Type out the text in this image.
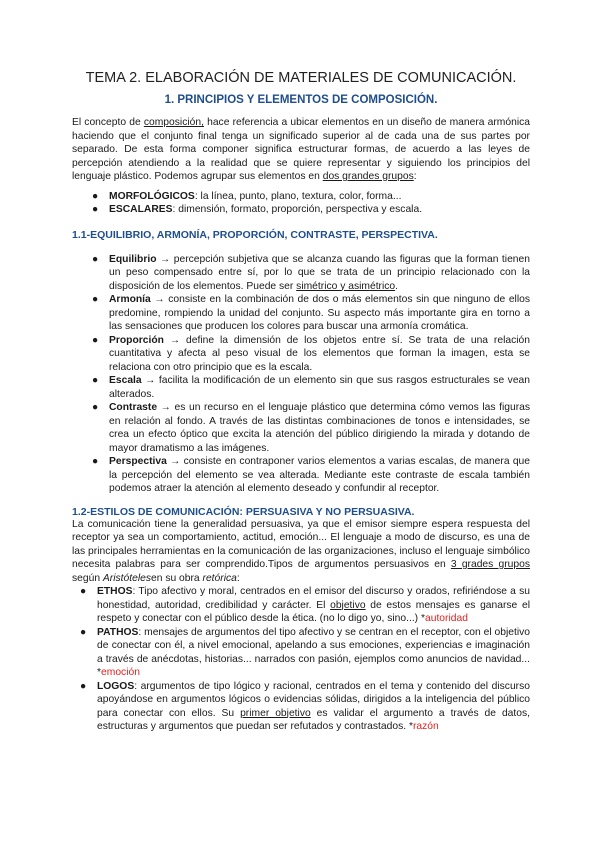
TEMA 2. ELABORACIÓN DE MATERIALES DE COMUNICACIÓN.
1. PRINCIPIOS Y ELEMENTOS DE COMPOSICIÓN.

El concepto de composición, hace referencia a ubicar elementos en un diseño de manera armónica haciendo que el conjunto final tenga un significado superior al de cada una de sus partes por separado. De esta forma componer significa estructurar formas, de acuerdo a las leyes de percepción atendiendo a la realidad que se quiere representar y siguiendo los principios del lenguaje plástico. Podemos agrupar sus elementos en dos grandes grupos:

● MORFOLÓGICOS: la línea, punto, plano, textura, color, forma...
● ESCALARES: dimensión, formato, proporción, perspectiva y escala.
1.1-EQUILIBRIO, ARMONÍA, PROPORCIÓN, CONTRASTE, PERSPECTIVA.
● Equilibrio → percepción subjetiva que se alcanza cuando las figuras que la forman tienen un peso compensado entre sí, por lo que se trata de un principio relacionado con la disposición de los elementos. Puede ser simétrico y asimétrico.
● Armonía → consiste en la combinación de dos o más elementos sin que ninguno de ellos predomine, rompiendo la unidad del conjunto. Su aspecto más importante gira en torno a las sensaciones que producen los colores para buscar una armonía cromática.
● Proporción → define la dimensión de los objetos entre sí. Se trata de una relación cuantitativa y afecta al peso visual de los elementos que forman la imagen, esta se relaciona con otro principio que es la escala.
● Escala → facilita la modificación de un elemento sin que sus rasgos estructurales se vean alterados.
● Contraste → es un recurso en el lenguaje plástico que determina cómo vemos las figuras en relación al fondo. A través de las distintas combinaciones de tonos e intensidades, se crea un efecto óptico que excita la atención del público dirigiendo la mirada y dotando de mayor dramatismo a las imágenes.
● Perspectiva → consiste en contraponer varios elementos a varias escalas, de manera que la percepción del elemento se vea alterada. Mediante este contraste de escala también podemos atraer la atención al elemento deseado y confundir al receptor.
1.2-ESTILOS DE COMUNICACIÓN: PERSUASIVA Y NO PERSUASIVA.

La comunicación tiene la generalidad persuasiva, ya que el emisor siempre espera respuesta del receptor ya sea un comportamiento, actitud, emoción... El lenguaje a modo de discurso, es una de las principales herramientas en la comunicación de las organizaciones, incluso el lenguaje simbólico necesita palabras para ser comprendido.Tipos de argumentos persuasivos en 3 grades grupos según Aristótelesen su obra retórica:

● ETHOS: Tipo afectivo y moral, centrados en el emisor del discurso y orados, refiriéndose a su honestidad, autoridad, credibilidad y carácter. El objetivo de estos mensajes es ganarse el respeto y conectar con el público desde la ética. (no lo digo yo, sino...) *autoridad
● PATHOS: mensajes de argumentos del tipo afectivo y se centran en el receptor, con el objetivo de conectar con él, a nivel emocional, apelando a sus emociones, experiencias e imaginación a través de anécdotas, historias... narrados con pasión, ejemplos como anuncios de navidad... *emoción
● LOGOS: argumentos de tipo lógico y racional, centrados en el tema y contenido del discurso apoyándose en argumentos lógicos o evidencias sólidas, dirigidos a la inteligencia del público para conectar con ellos. Su primer objetivo es validar el argumento a través de datos, estructuras y argumentos que puedan ser refutados y contrastados. *razón
